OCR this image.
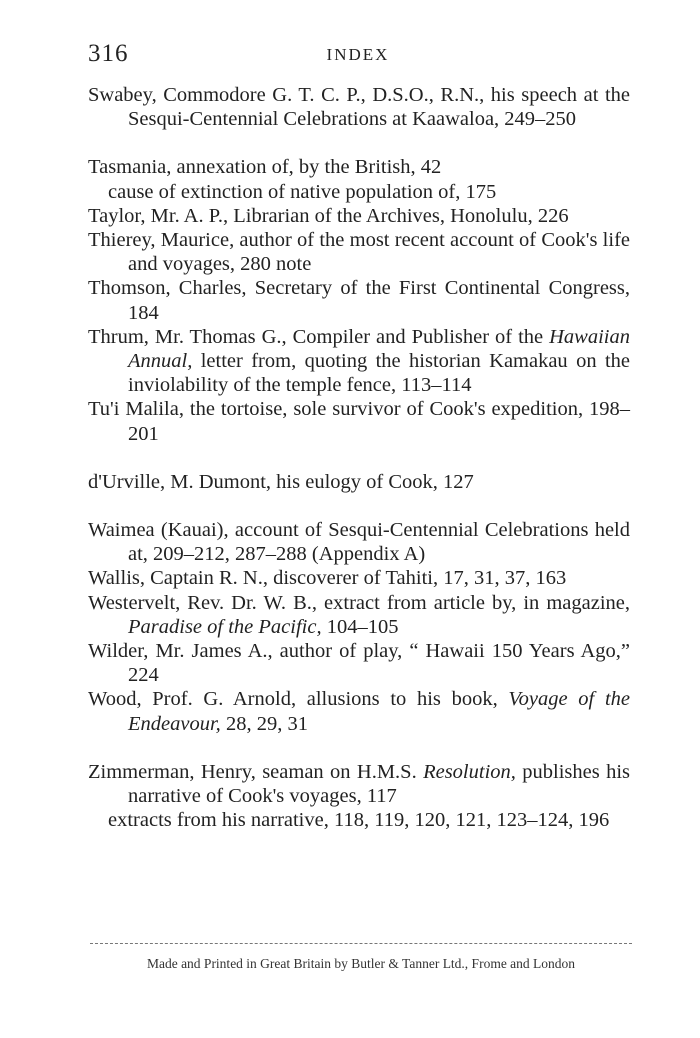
316	INDEX
Swabey, Commodore G. T. C. P., D.S.O., R.N., his speech at the Sesqui-Centennial Celebrations at Kaawaloa, 249–250
Tasmania, annexation of, by the British, 42
cause of extinction of native population of, 175
Taylor, Mr. A. P., Librarian of the Archives, Honolulu, 226
Thierey, Maurice, author of the most recent account of Cook's life and voyages, 280 note
Thomson, Charles, Secretary of the First Continental Congress, 184
Thrum, Mr. Thomas G., Compiler and Publisher of the Hawaiian Annual, letter from, quoting the historian Kamakau on the inviolability of the temple fence, 113–114
Tu'i Malila, the tortoise, sole survivor of Cook's expedition, 198–201
d'Urville, M. Dumont, his eulogy of Cook, 127
Waimea (Kauai), account of Sesqui-Centennial Celebrations held at, 209–212, 287–288 (Appendix A)
Wallis, Captain R. N., discoverer of Tahiti, 17, 31, 37, 163
Westervelt, Rev. Dr. W. B., extract from article by, in magazine, Paradise of the Pacific, 104–105
Wilder, Mr. James A., author of play, “ Hawaii 150 Years Ago,” 224
Wood, Prof. G. Arnold, allusions to his book, Voyage of the Endeavour, 28, 29, 31
Zimmerman, Henry, seaman on H.M.S. Resolution, publishes his narrative of Cook's voyages, 117
extracts from his narrative, 118, 119, 120, 121, 123–124, 196
Made and Printed in Great Britain by Butler & Tanner Ltd., Frome and London
